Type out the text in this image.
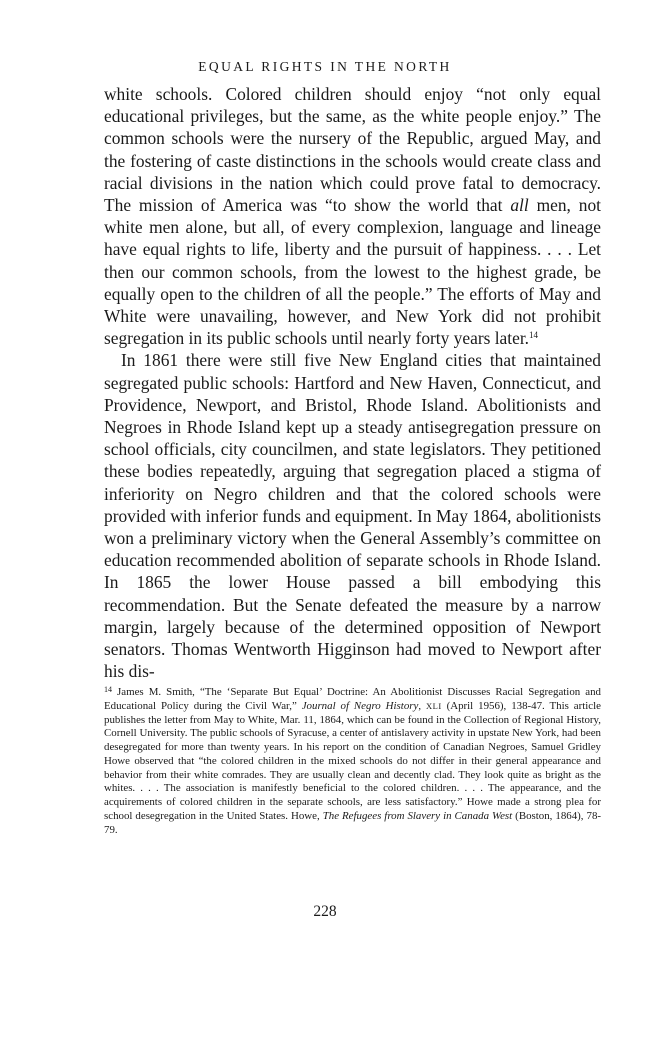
EQUAL RIGHTS IN THE NORTH

white schools. Colored children should enjoy “not only equal educational privileges, but the same, as the white people enjoy.” The common schools were the nursery of the Republic, argued May, and the fostering of caste distinctions in the schools would create class and racial divisions in the nation which could prove fatal to democracy. The mission of America was “to show the world that all men, not white men alone, but all, of every complexion, language and lineage have equal rights to life, liberty and the pursuit of happiness. . . . Let then our common schools, from the lowest to the highest grade, be equally open to the children of all the people.” The efforts of May and White were unavailing, however, and New York did not prohibit segregation in its public schools until nearly forty years later.$^{14}$

In 1861 there were still five New England cities that maintained segregated public schools: Hartford and New Haven, Connecticut, and Providence, Newport, and Bristol, Rhode Island. Abolitionists and Negroes in Rhode Island kept up a steady antisegregation pressure on school officials, city councilmen, and state legislators. They petitioned these bodies repeatedly, arguing that segregation placed a stigma of inferiority on Negro children and that the colored schools were provided with inferior funds and equipment. In May 1864, abolitionists won a preliminary victory when the General Assembly’s committee on education recommended abolition of separate schools in Rhode Island. In 1865 the lower House passed a bill embodying this recommendation. But the Senate defeated the measure by a narrow margin, largely because of the determined opposition of Newport senators. Thomas Wentworth Higginson had moved to Newport after his dis-

$^{14}$ James M. Smith, “The ‘Separate But Equal’ Doctrine: An Abolitionist Discusses Racial Segregation and Educational Policy during the Civil War,” Journal of Negro History, XLI (April 1956), 138-47. This article publishes the letter from May to White, Mar. 11, 1864, which can be found in the Collection of Regional History, Cornell University. The public schools of Syracuse, a center of antislavery activity in upstate New York, had been desegregated for more than twenty years. In his report on the condition of Canadian Negroes, Samuel Gridley Howe observed that “the colored children in the mixed schools do not differ in their general appearance and behavior from their white comrades. They are usually clean and decently clad. They look quite as bright as the whites. . . . The association is manifestly beneficial to the colored children. . . . The appearance, and the acquirements of colored children in the separate schools, are less satisfactory.” Howe made a strong plea for school desegregation in the United States. Howe, The Refugees from Slavery in Canada West (Boston, 1864), 78-79.
228
